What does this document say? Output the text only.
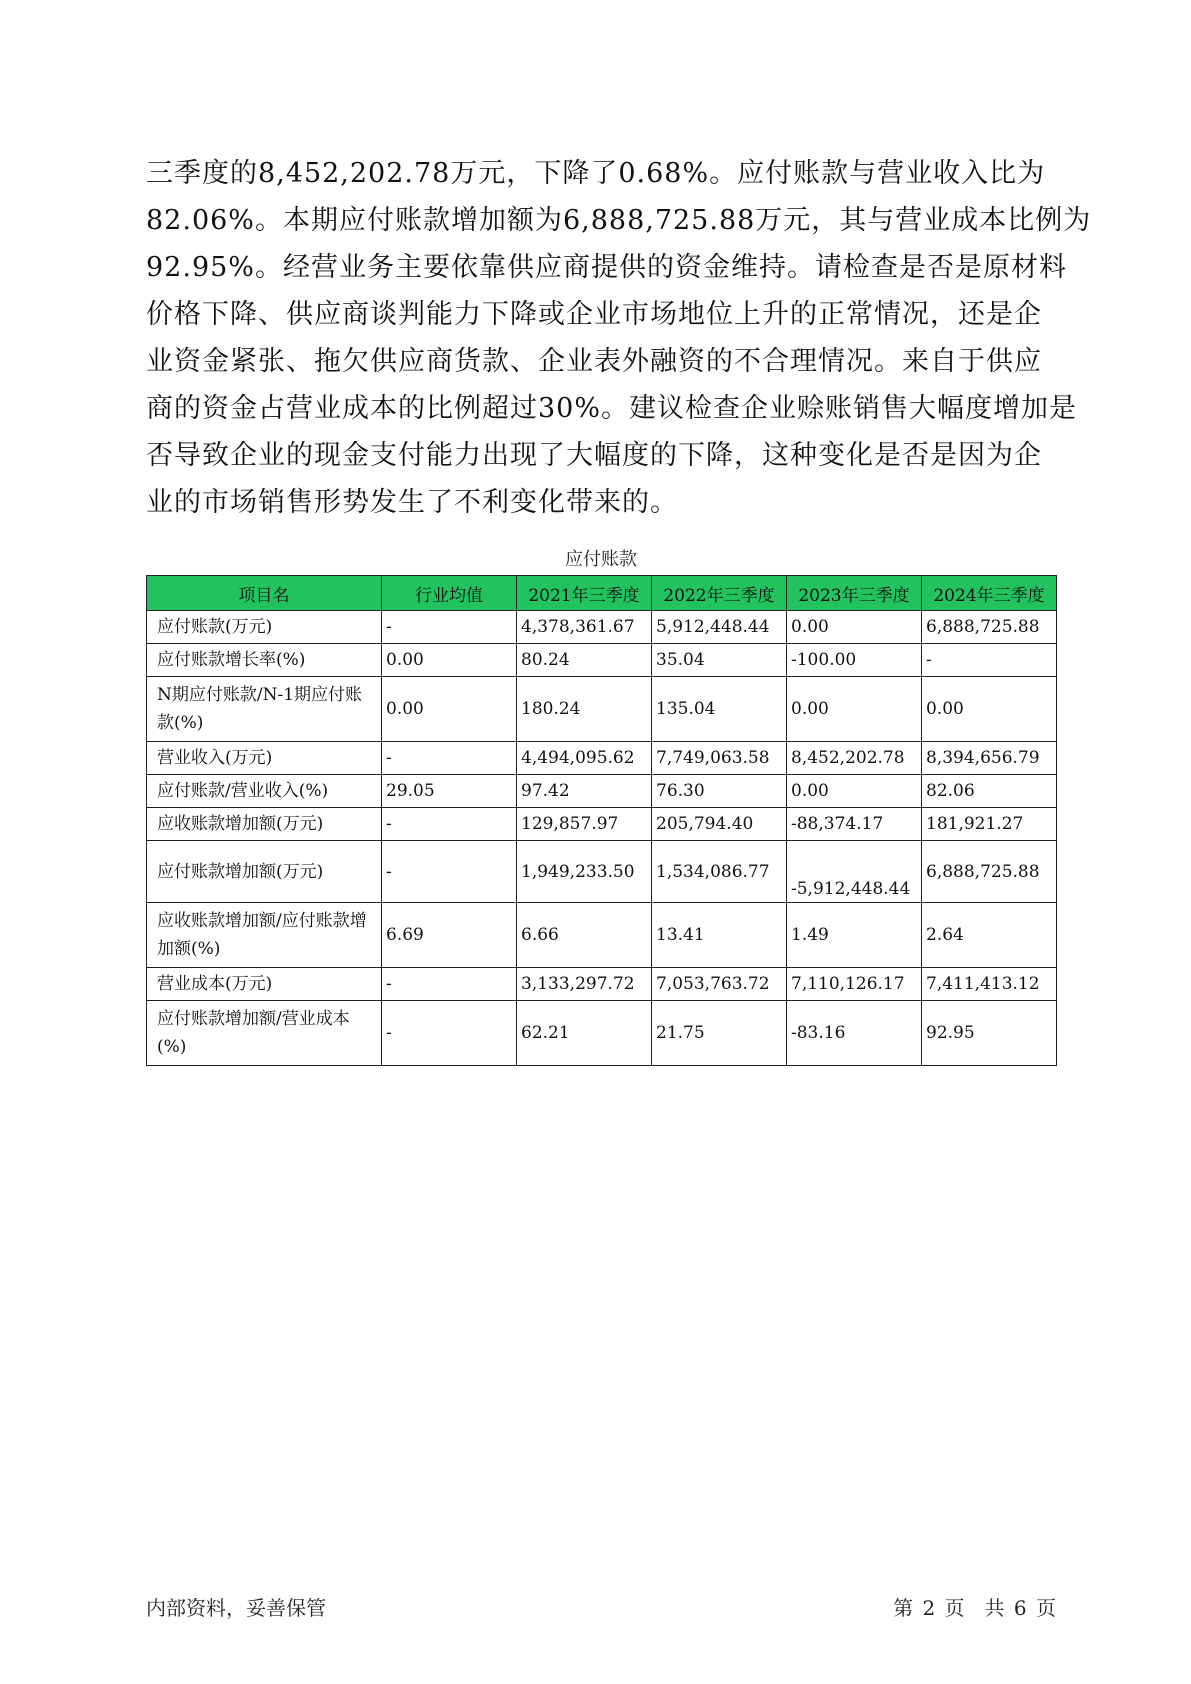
三季度的8,452,202.78万元，下降了0.68%。应付账款与营业收入比为
82.06%。本期应付账款增加额为6,888,725.88万元，其与营业成本比例为
92.95%。经营业务主要依靠供应商提供的资金维持。请检查是否是原材料
价格下降、供应商谈判能力下降或企业市场地位上升的正常情况，还是企
业资金紧张、拖欠供应商货款、企业表外融资的不合理情况。来自于供应
商的资金占营业成本的比例超过30%。建议检查企业赊账销售大幅度增加是
否导致企业的现金支付能力出现了大幅度的下降，这种变化是否是因为企
业的市场销售形势发生了不利变化带来的。

应付账款
项目名	行业均值	2021年三季度	2022年三季度	2023年三季度	2024年三季度
应付账款(万元)	-	4,378,361.67	5,912,448.44	0.00	6,888,725.88
应付账款增长率(%)	0.00	80.24	35.04	-100.00	-
N期应付账款/N-1期应付账款(%)	0.00	180.24	135.04	0.00	0.00
营业收入(万元)	-	4,494,095.62	7,749,063.58	8,452,202.78	8,394,656.79
应付账款/营业收入(%)	29.05	97.42	76.30	0.00	82.06
应收账款增加额(万元)	-	129,857.97	205,794.40	-88,374.17	181,921.27
应付账款增加额(万元)	-	1,949,233.50	1,534,086.77	-5,912,448.44	6,888,725.88
应收账款增加额/应付账款增加额(%)	6.69	6.66	13.41	1.49	2.64
营业成本(万元)	-	3,133,297.72	7,053,763.72	7,110,126.17	7,411,413.12
应付账款增加额/营业成本(%)	-	62.21	21.75	-83.16	92.95
内部资料，妥善保管	第 2 页　共 6 页
